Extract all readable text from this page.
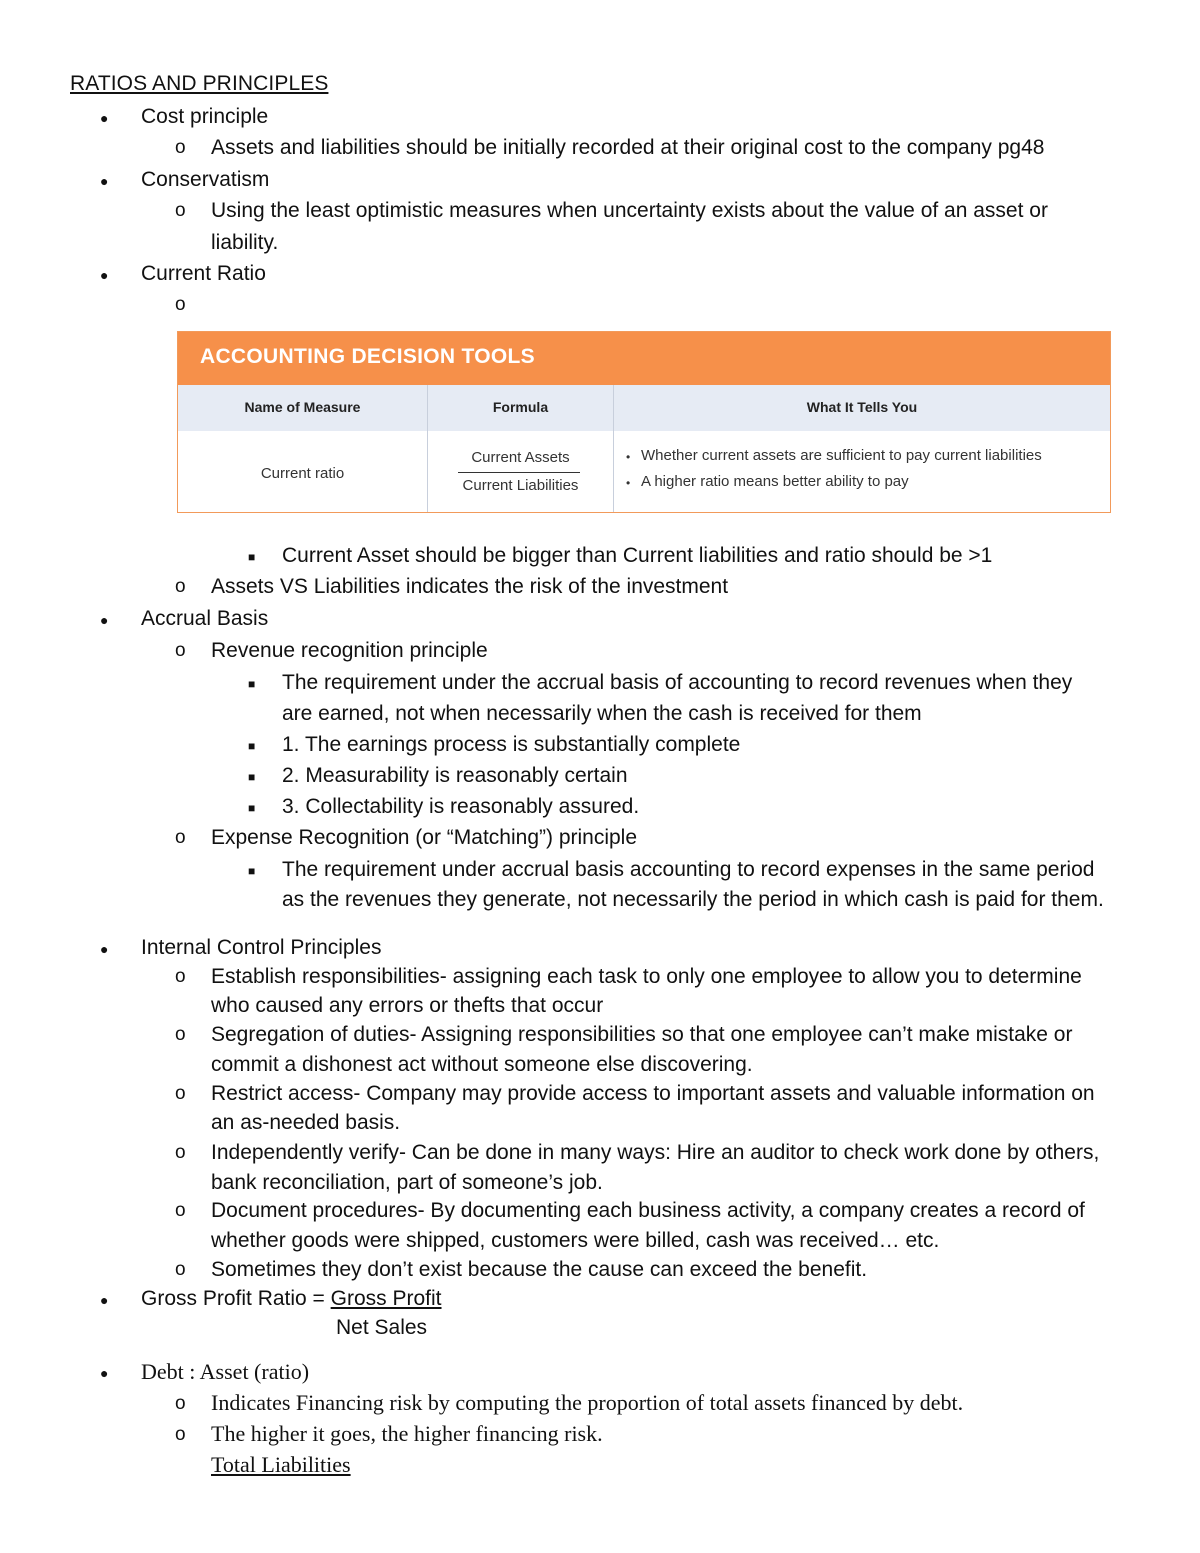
RATIOS AND PRINCIPLES
● Cost principle
o Assets and liabilities should be initially recorded at their original cost to the company pg48
● Conservatism
o Using the least optimistic measures when uncertainty exists about the value of an asset or
liability.
● Current Ratio
o
ACCOUNTING DECISION TOOLS
Name of Measure	Formula	What It Tells You
Current ratio
Current Assets
Current Liabilities
• Whether current assets are sufficient to pay current liabilities
• A higher ratio means better ability to pay
■ Current Asset should be bigger than Current liabilities and ratio should be >1
o Assets VS Liabilities indicates the risk of the investment
● Accrual Basis
o Revenue recognition principle
■ The requirement under the accrual basis of accounting to record revenues when they
are earned, not when necessarily when the cash is received for them
■ 1. The earnings process is substantially complete
■ 2. Measurability is reasonably certain
■ 3. Collectability is reasonably assured.
o Expense Recognition (or “Matching”) principle
■ The requirement under accrual basis accounting to record expenses in the same period
as the revenues they generate, not necessarily the period in which cash is paid for them.
● Internal Control Principles
o Establish responsibilities- assigning each task to only one employee to allow you to determine
who caused any errors or thefts that occur
o Segregation of duties- Assigning responsibilities so that one employee can’t make mistake or
commit a dishonest act without someone else discovering.
o Restrict access- Company may provide access to important assets and valuable information on
an as-needed basis.
o Independently verify- Can be done in many ways: Hire an auditor to check work done by others,
bank reconciliation, part of someone’s job.
o Document procedures- By documenting each business activity, a company creates a record of
whether goods were shipped, customers were billed, cash was received… etc.
o Sometimes they don’t exist because the cause can exceed the benefit.
● Gross Profit Ratio = Gross Profit
Net Sales
● Debt : Asset (ratio)
o Indicates Financing risk by computing the proportion of total assets financed by debt.
o The higher it goes, the higher financing risk.
Total Liabilities
